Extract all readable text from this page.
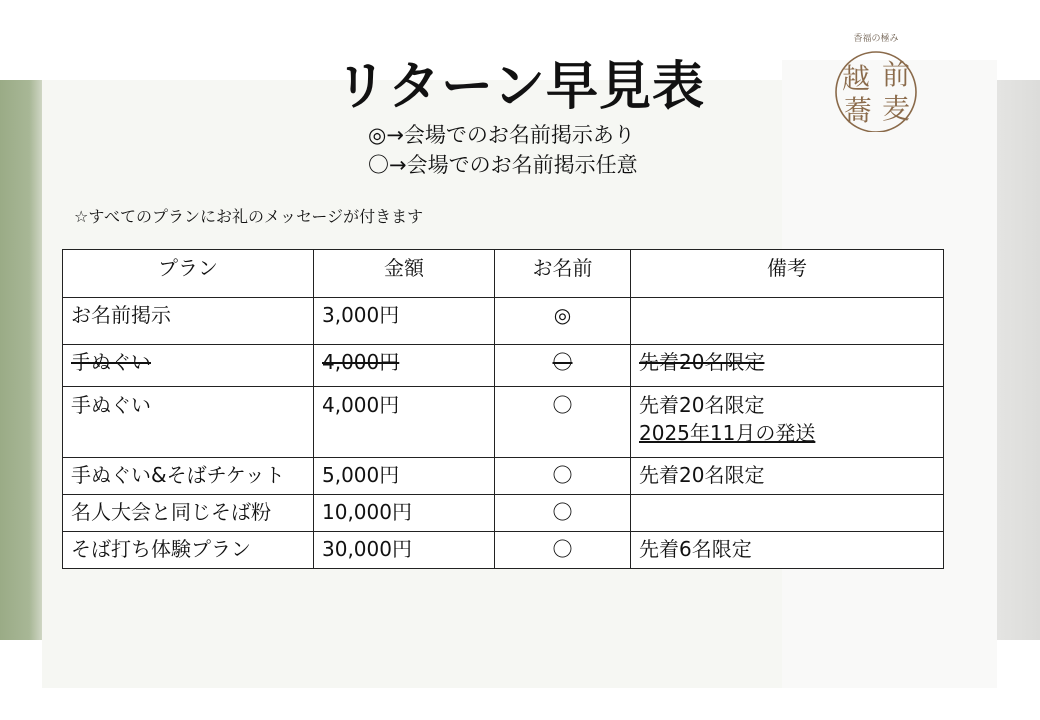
リターン早見表
香福の極み
越 前
蕎 麦
◎→会場でのお名前掲示あり
〇→会場でのお名前掲示任意
☆すべてのプランにお礼のメッセージが付きます
プラン	金額	お名前	備考
お名前掲示	3,000円	◎	
手ぬぐい	4,000円	〇	先着20名限定
手ぬぐい	4,000円	〇	先着20名限定
2025年11月の発送

手ぬぐい&そばチケット	5,000円	〇	先着20名限定
名人大会と同じそば粉	10,000円	〇	
そば打ち体験プラン	30,000円	〇	先着6名限定
